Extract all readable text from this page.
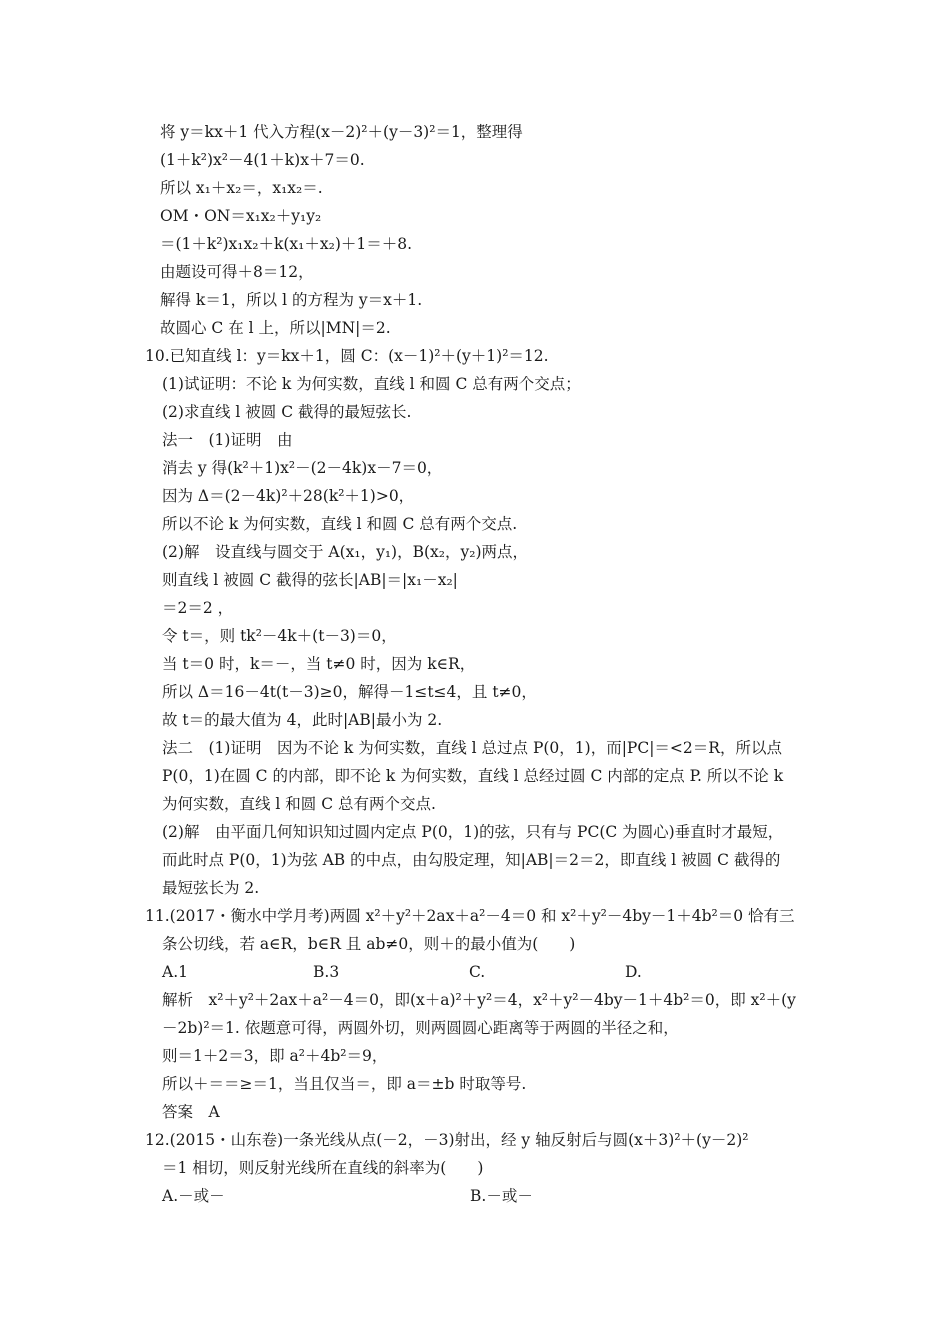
将 y＝kx＋1 代入方程(x－2)²＋(y－3)²＝1，整理得
(1＋k²)x²－4(1＋k)x＋7＝0.
所以 x₁＋x₂＝，x₁x₂＝.
OM・ON＝x₁x₂＋y₁y₂
＝(1＋k²)x₁x₂＋k(x₁＋x₂)＋1＝＋8.
由题设可得＋8＝12，
解得 k＝1，所以 l 的方程为 y＝x＋1.
故圆心 C 在 l 上，所以|MN|＝2.
10.已知直线 l：y＝kx＋1，圆 C：(x－1)²＋(y＋1)²＝12.
(1)试证明：不论 k 为何实数，直线 l 和圆 C 总有两个交点；
(2)求直线 l 被圆 C 截得的最短弦长.
法一　(1)证明　由
消去 y 得(k²＋1)x²－(2－4k)x－7＝0，
因为 Δ＝(2－4k)²＋28(k²＋1)>0，
所以不论 k 为何实数，直线 l 和圆 C 总有两个交点.
(2)解　设直线与圆交于 A(x₁，y₁)，B(x₂，y₂)两点，
则直线 l 被圆 C 截得的弦长|AB|＝|x₁－x₂|
＝2＝2 ，
令 t＝，则 tk²－4k＋(t－3)＝0，
当 t＝0 时，k＝－，当 t≠0 时，因为 k∈R，
所以 Δ＝16－4t(t－3)≥0，解得－1≤t≤4，且 t≠0，
故 t＝的最大值为 4，此时|AB|最小为 2.
法二　(1)证明　因为不论 k 为何实数，直线 l 总过点 P(0，1)，而|PC|＝<2＝R，所以点
P(0，1)在圆 C 的内部，即不论 k 为何实数，直线 l 总经过圆 C 内部的定点 P. 所以不论 k
为何实数，直线 l 和圆 C 总有两个交点.
(2)解　由平面几何知识知过圆内定点 P(0，1)的弦，只有与 PC(C 为圆心)垂直时才最短，
而此时点 P(0，1)为弦 AB 的中点，由勾股定理，知|AB|＝2＝2，即直线 l 被圆 C 截得的
最短弦长为 2.
11.(2017・衡水中学月考)两圆 x²＋y²＋2ax＋a²－4＝0 和 x²＋y²－4by－1＋4b²＝0 恰有三
条公切线，若 a∈R，b∈R 且 ab≠0，则＋的最小值为(　　)
A.1	B.3	C.	D.
解析　x²＋y²＋2ax＋a²－4＝0，即(x＋a)²＋y²＝4，x²＋y²－4by－1＋4b²＝0，即 x²＋(y
－2b)²＝1. 依题意可得，两圆外切，则两圆圆心距离等于两圆的半径之和，
则＝1＋2＝3，即 a²＋4b²＝9，
所以＋＝＝≥＝1，当且仅当＝，即 a＝±b 时取等号.
答案　A
12.(2015・山东卷)一条光线从点(－2，－3)射出，经 y 轴反射后与圆(x＋3)²＋(y－2)²
＝1 相切，则反射光线所在直线的斜率为(　　)
A.－或－	B.－或－
